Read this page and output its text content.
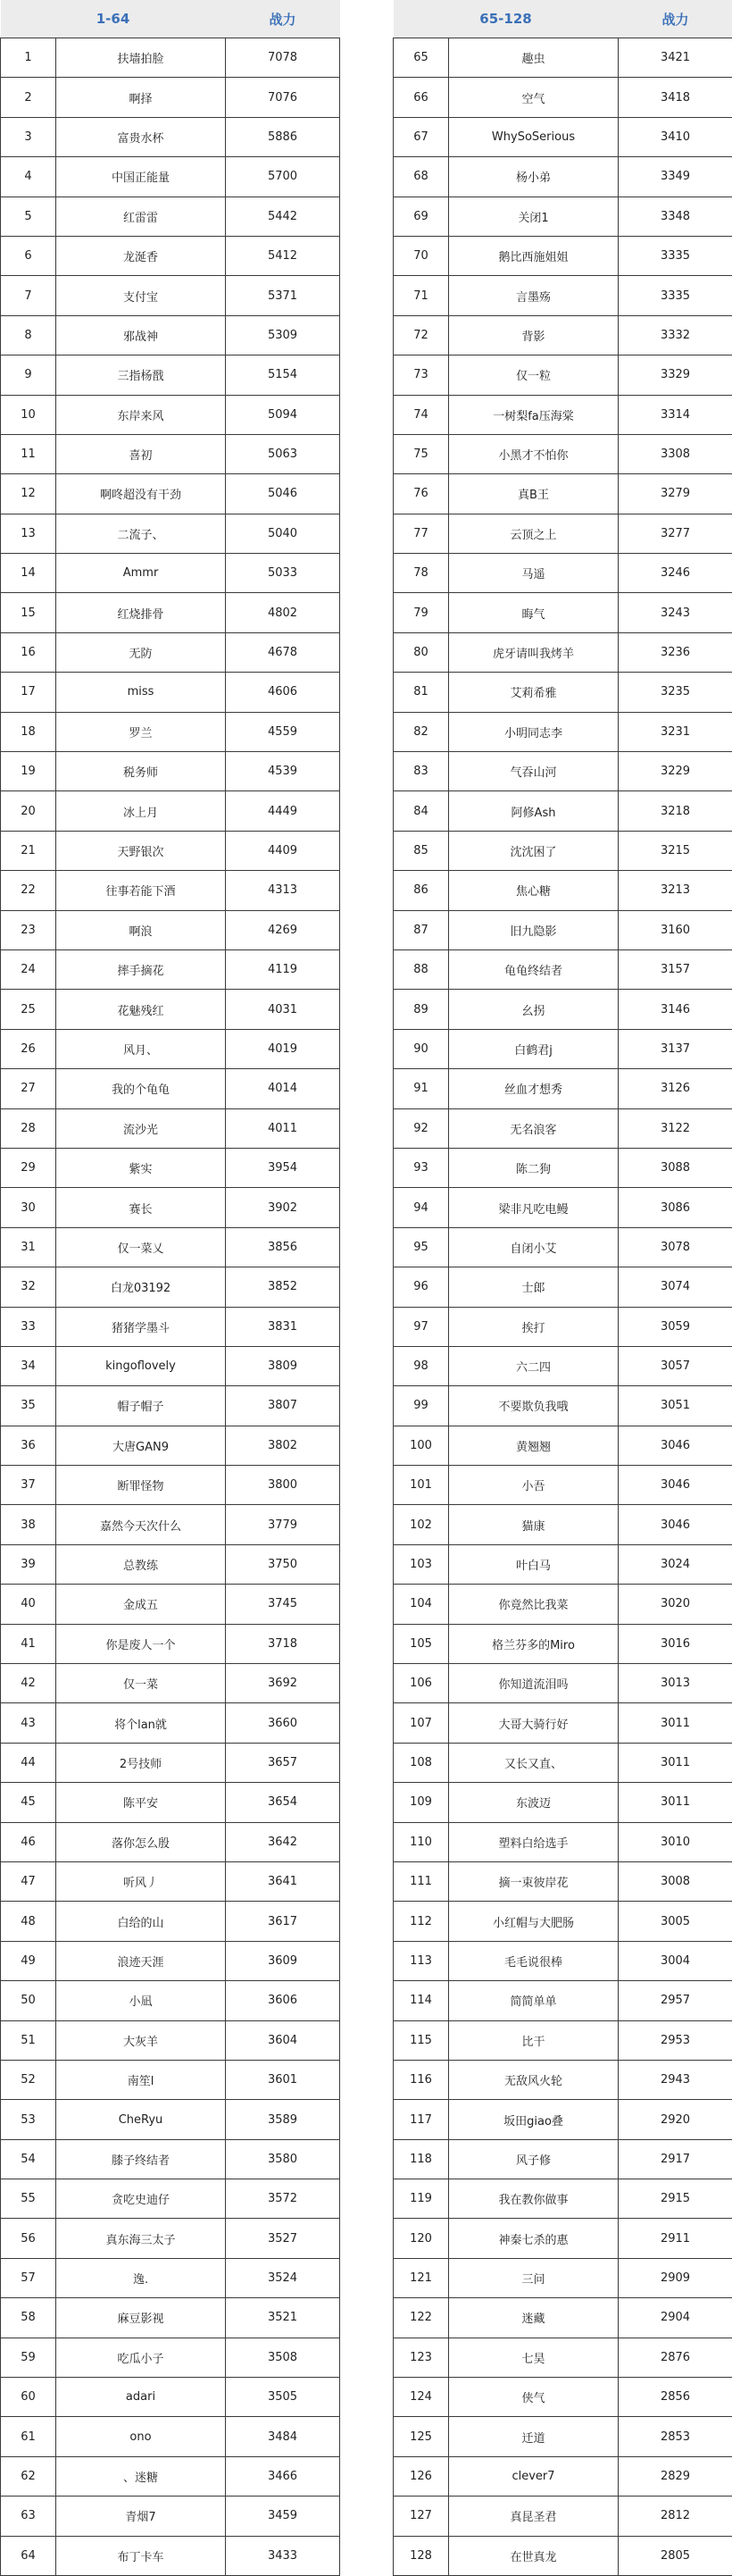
1-64		战力
1	扶墙拍脸	7078
2	啊择	7076
3	富贵水杯	5886
4	中国正能量	5700
5	红雷雷	5442
6	龙涎香	5412
7	支付宝	5371
8	邪战神	5309
9	三指杨戬	5154
10	东岸来风	5094
11	喜初	5063
12	啊咚超没有干劲	5046
13	二流子、	5040
14	Ammr	5033
15	红烧排骨	4802
16	无防	4678
17	miss	4606
18	罗兰	4559
19	税务师	4539
20	冰上月	4449
21	天野银次	4409
22	往事若能下酒	4313
23	啊浪	4269
24	摔手摘花	4119
25	花魅残红	4031
26	风月、	4019
27	我的个龟龟	4014
28	流沙光	4011
29	紫实	3954
30	赛长	3902
31	仅一菜乂	3856
32	白龙03192	3852
33	猪猪学墨斗	3831
34	kingoflovely	3809
35	帽子帽子	3807
36	大唐GAN9	3802
37	断罪怪物	3800
38	嘉然今天次什么	3779
39	总教练	3750
40	金成五	3745
41	你是废人一个	3718
42	仅一菜	3692
43	将个lan就	3660
44	2号技师	3657
45	陈平安	3654
46	落你怎么殷	3642
47	听风丿	3641
48	白给的山	3617
49	浪迹天涯	3609
50	小凪	3606
51	大灰羊	3604
52	南笙l	3601
53	CheRyu	3589
54	膝子终结者	3580
55	贪吃史迪仔	3572
56	真东海三太子	3527
57	逸.	3524
58	麻豆影视	3521
59	吃瓜小子	3508
60	adari	3505
61	ono	3484
62	、迷糖	3466
63	青烟7	3459
64	布丁卡车	3433
65-128		战力
65	趣虫	3421
66	空气	3418
67	WhySoSerious	3410
68	杨小弟	3349
69	关闭1	3348
70	鹅比西施姐姐	3335
71	言墨殇	3335
72	背影	3332
73	仅一粒	3329
74	一树梨fa压海棠	3314
75	小黑才不怕你	3308
76	真B王	3279
77	云顶之上	3277
78	马遥	3246
79	晦气	3243
80	虎牙请叫我烤羊	3236
81	艾莉希雅	3235
82	小明同志李	3231
83	气吞山河	3229
84	阿修Ash	3218
85	沈沈困了	3215
86	焦心糖	3213
87	旧九隐影	3160
88	龟龟终结者	3157
89	幺拐	3146
90	白鹤君j	3137
91	丝血才想秀	3126
92	无名浪客	3122
93	陈二狗	3088
94	梁非凡吃电鳗	3086
95	自闭小艾	3078
96	士郎	3074
97	挨打	3059
98	六二四	3057
99	不要欺负我哦	3051
100	黄翘翘	3046
101	小吾	3046
102	猫康	3046
103	叶白马	3024
104	你竟然比我菜	3020
105	格兰芬多的Miro	3016
106	你知道流泪吗	3013
107	大哥大骑行好	3011
108	又长又直、	3011
109	东波迈	3011
110	塑料白给选手	3010
111	摘一束彼岸花	3008
112	小红帽与大肥肠	3005
113	毛毛说很棒	3004
114	简简单单	2957
115	比干	2953
116	无敌风火轮	2943
117	坂田giao叠	2920
118	风子修	2917
119	我在教你做事	2915
120	神秦七杀的惠	2911
121	三问	2909
122	迷藏	2904
123	七昊	2876
124	侠气	2856
125	迁道	2853
126	clever7	2829
127	真昆圣君	2812
128	在世真龙	2805
